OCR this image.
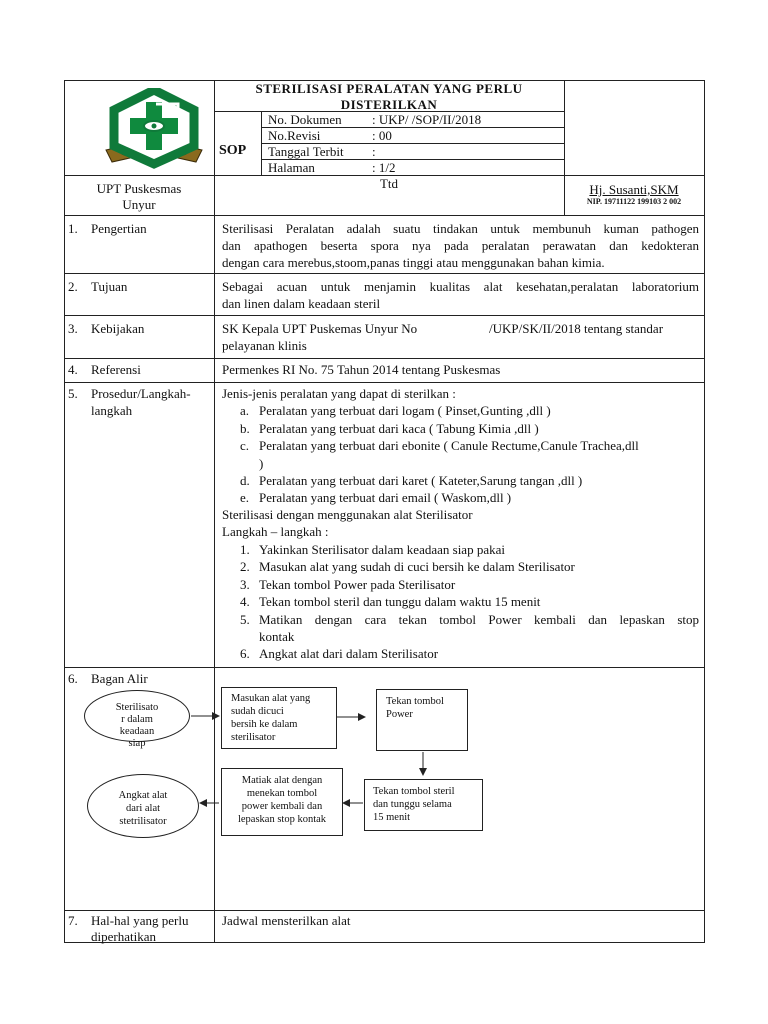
STERILISASI PERALATAN YANG PERLU
DISTERILKAN
SOP
No. Dokumen : UKP/ /SOP/II/2018
No.Revisi	: 00
Tanggal Terbit :
Halaman	: 1/2
UPT Puskesmas
Unyur
Ttd	Hj. Susanti,SKM
NIP. 19711122 199103 2 002
1. Pengertian	Sterilisasi Peralatan adalah suatu tindakan untuk membunuh kuman pathogen
dan apathogen beserta spora nya pada peralatan perawatan dan kedokteran
dengan cara merebus,stoom,panas tinggi atau menggunakan bahan kimia.
2. Tujuan	Sebagai acuan untuk menjamin kualitas alat kesehatan,peralatan laboratorium
dan linen dalam keadaan steril
3. Kebijakan	SK Kepala UPT Puskemas Unyur No	/UKP/SK/II/2018 tentang standar
pelayanan klinis
4. Referensi	Permenkes RI No. 75 Tahun 2014 tentang Puskesmas
5. Prosedur/Langkah-
langkah
Jenis-jenis peralatan yang dapat di sterilkan :
a. Peralatan yang terbuat dari logam ( Pinset,Gunting ,dll )
b. Peralatan yang terbuat dari kaca ( Tabung Kimia ,dll )
c. Peralatan yang terbuat dari ebonite ( Canule Rectume,Canule Trachea,dll
)
d. Peralatan yang terbuat dari karet ( Kateter,Sarung tangan ,dll )
e. Peralatan yang terbuat dari email ( Waskom,dll )
Sterilisasi dengan menggunakan alat Sterilisator
Langkah – langkah :
1. Yakinkan Sterilisator dalam keadaan siap pakai
2. Masukan alat yang sudah di cuci bersih ke dalam Sterilisator
3. Tekan tombol Power pada Sterilisator
4. Tekan tombol steril dan tunggu dalam waktu 15 menit
5. Matikan dengan cara tekan tombol Power kembali dan lepaskan stop
kontak
6. Angkat alat dari dalam Sterilisator
6. Bagan Alir
Sterilisato
r dalam
keadaan
siap
Masukan alat yang
sudah dicuci
bersih ke dalam
sterilisator
Tekan tombol
Power
Tekan tombol steril
dan tunggu selama
15 menit
Matiak alat dengan
menekan tombol
power kembali dan
lepaskan stop kontak
Angkat alat
dari alat
stetrilisator
7. Hal-hal yang perlu
diperhatikan
Jadwal mensterilkan alat
